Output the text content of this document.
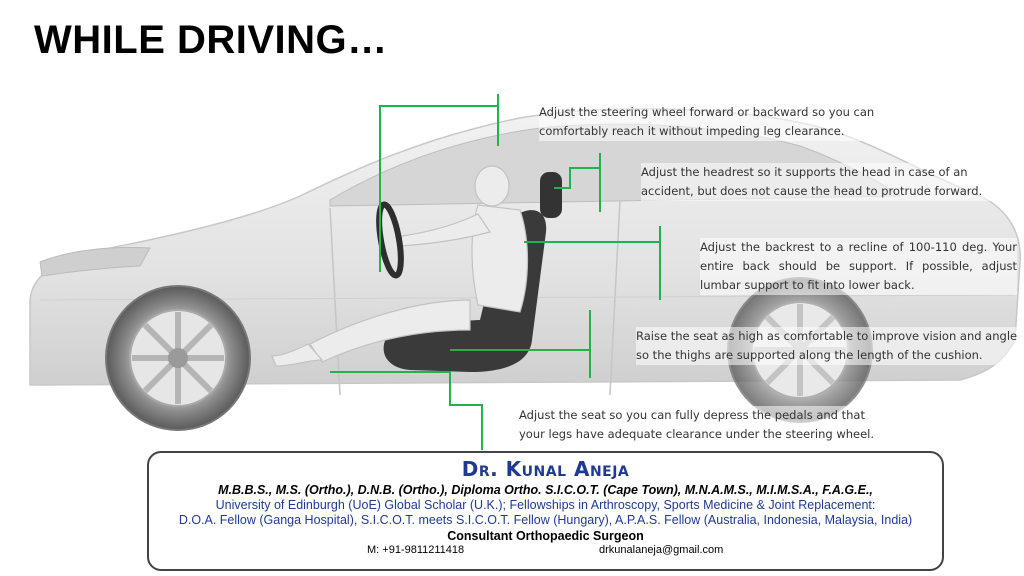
WHILE DRIVING…
Adjust the steering wheel forward or backward so you can comfortably reach it without impeding leg clearance.
Adjust the headrest so it supports the head in case of an accident, but does not cause the head to protrude forward.
Adjust the backrest to a recline of 100-110 deg. Your entire back should be support. If possible, adjust lumbar support to fit into lower back.
Raise the seat as high as comfortable to improve vision and angle so the thighs are supported along the length of the cushion.
Adjust the seat so you can fully depress the pedals and that your legs have adequate clearance under the steering wheel.
Dr. Kunal Aneja
M.B.B.S., M.S. (Ortho.), D.N.B. (Ortho.), Diploma Ortho. S.I.C.O.T. (Cape Town), M.N.A.M.S., M.I.M.S.A., F.A.G.E.,
University of Edinburgh (UoE) Global Scholar (U.K.); Fellowships in Arthroscopy, Sports Medicine & Joint Replacement:
D.O.A. Fellow (Ganga Hospital), S.I.C.O.T. meets S.I.C.O.T. Fellow (Hungary), A.P.A.S. Fellow (Australia, Indonesia, Malaysia, India)
Consultant Orthopaedic Surgeon
M: +91-9811211418	drkunalaneja@gmail.com
